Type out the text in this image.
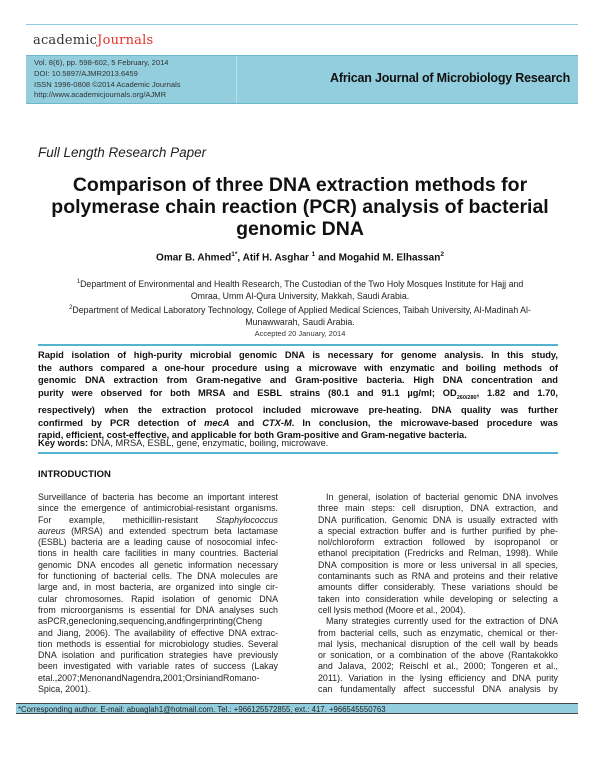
academicJournals
Vol. 8(6), pp. 598-602, 5 February, 2014
DOI: 10.5897/AJMR2013.6459
ISSN 1996-0808 ©2014 Academic Journals
http://www.academicjournals.org/AJMR
African Journal of Microbiology Research
Full Length Research Paper
Comparison of three DNA extraction methods for
polymerase chain reaction (PCR) analysis of bacterial
genomic DNA
Omar B. Ahmed$^{1*}$, Atif H. Asghar $^1$ and Mogahid M. Elhassan$^2$
$^1$Department of Environmental and Health Research, The Custodian of the Two Holy Mosques Institute for Hajj and
Omraa, Umm Al-Qura University, Makkah, Saudi Arabia.
$^2$Department of Medical Laboratory Technology, College of Applied Medical Sciences, Taibah University, Al-Madinah Al-
Munawwarah, Saudi Arabia.
Accepted 20 January, 2014
Rapid isolation of high-purity microbial genomic DNA is necessary for genome analysis. In this study,
the authors compared a one-hour procedure using a microwave with enzymatic and boiling methods of
genomic DNA extraction from Gram-negative and Gram-positive bacteria. High DNA concentration and
purity were observed for both MRSA and ESBL strains (80.1 and 91.1 µg/ml; $OD_{260/280}$, 1.82 and 1.70,
respectively) when the extraction protocol included microwave pre-heating. DNA quality was further
confirmed by PCR detection of mecA and CTX-M. In conclusion, the microwave-based procedure was
rapid, efficient, cost-effective, and applicable for both Gram-positive and Gram-negative bacteria.
Key words: DNA, MRSA, ESBL, gene, enzymatic, boiling, microwave.
INTRODUCTION
Surveillance of bacteria has become an important interest
since the emergence of antimicrobial-resistant organisms.
For example, methicillin-resistant Staphylococcus
aureus (MRSA) and extended spectrum beta lactamase
(ESBL) bacteria are a leading cause of nosocomial infec-
tions in health care facilities in many countries. Bacterial
genomic DNA encodes all genetic information necessary
for functioning of bacterial cells. The DNA molecules are
large and, in most bacteria, are organized into single cir-
cular chromosomes. Rapid isolation of genomic DNA
from microorganisms is essential for DNA analyses such
asPCR,genecloning,sequencing,andfingerprinting(Cheng
and Jiang, 2006). The availability of effective DNA extrac-
tion methods is essential for microbiology studies. Several
DNA isolation and purification strategies have previously
been investigated with variable rates of success (Lakay
etal.,2007;MenonandNagendra,2001;OrsiniandRomano-
Spica, 2001).
In general, isolation of bacterial genomic DNA involves
three main steps: cell disruption, DNA extraction, and
DNA purification. Genomic DNA is usually extracted with
a special extraction buffer and is further purified by phe-
nol/chloroform extraction followed by isopropanol or
ethanol precipitation (Fredricks and Relman, 1998). While
DNA composition is more or less universal in all species,
contaminants such as RNA and proteins and their relative
amounts differ considerably. These variations should be
taken into consideration while developing or selecting a
cell lysis method (Moore et al., 2004).
Many strategies currently used for the extraction of DNA
from bacterial cells, such as enzymatic, chemical or ther-
mal lysis, mechanical disruption of the cell wall by beads
or sonication, or a combination of the above (Rantakokko
and Jalava, 2002; Reischl et al., 2000; Tongeren et al.,
2011). Variation in the lysing efficiency and DNA purity
can fundamentally affect successful DNA analysis by
*Corresponding author. E-mail: abuaglah1@hotmail.com. Tel.: +966125572855, ext.: 417. +966545550763
